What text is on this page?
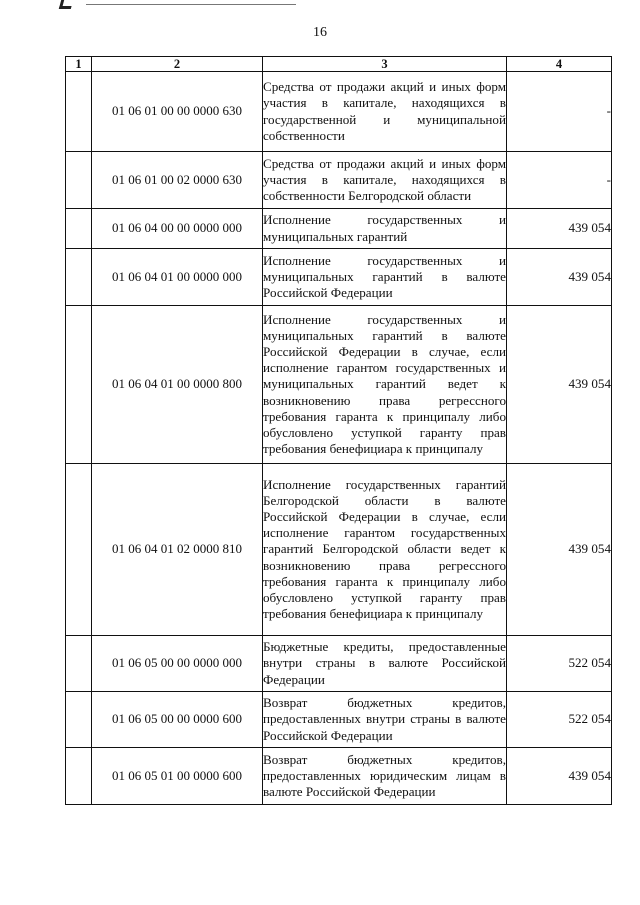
16
1	2	3	4
	01 06 01 00 00 0000 630	Средства от продажи акций и иных форм участия в капитале, находящихся в государственной и муниципальной собственности	-
	01 06 01 00 02 0000 630	Средства от продажи акций и иных форм участия в капитале, находящихся в собственности Белгородской области	-
	01 06 04 00 00 0000 000	Исполнение государственных и муниципальных гарантий	439 054
	01 06 04 01 00 0000 000	Исполнение государственных и муниципальных гарантий в валюте Российской Федерации	439 054
	01 06 04 01 00 0000 800	Исполнение государственных и муниципальных гарантий в валюте Российской Федерации в случае, если исполнение гарантом государственных и муниципальных гарантий ведет к возникновению права регрессного требования гаранта к принципалу либо обусловлено уступкой гаранту прав требования бенефициара к принципалу	439 054
	01 06 04 01 02 0000 810	Исполнение государственных гарантий Белгородской области в валюте Российской Федерации в случае, если исполнение гарантом государственных гарантий Белгородской области ведет к возникновению права регрессного требования гаранта к принципалу либо обусловлено уступкой гаранту прав требования бенефициара к принципалу	439 054
	01 06 05 00 00 0000 000	Бюджетные кредиты, предоставленные внутри страны в валюте Российской Федерации	522 054
	01 06 05 00 00 0000 600	Возврат бюджетных кредитов, предоставленных внутри страны в валюте Российской Федерации	522 054
	01 06 05 01 00 0000 600	Возврат бюджетных кредитов, предоставленных юридическим лицам в валюте Российской Федерации	439 054
